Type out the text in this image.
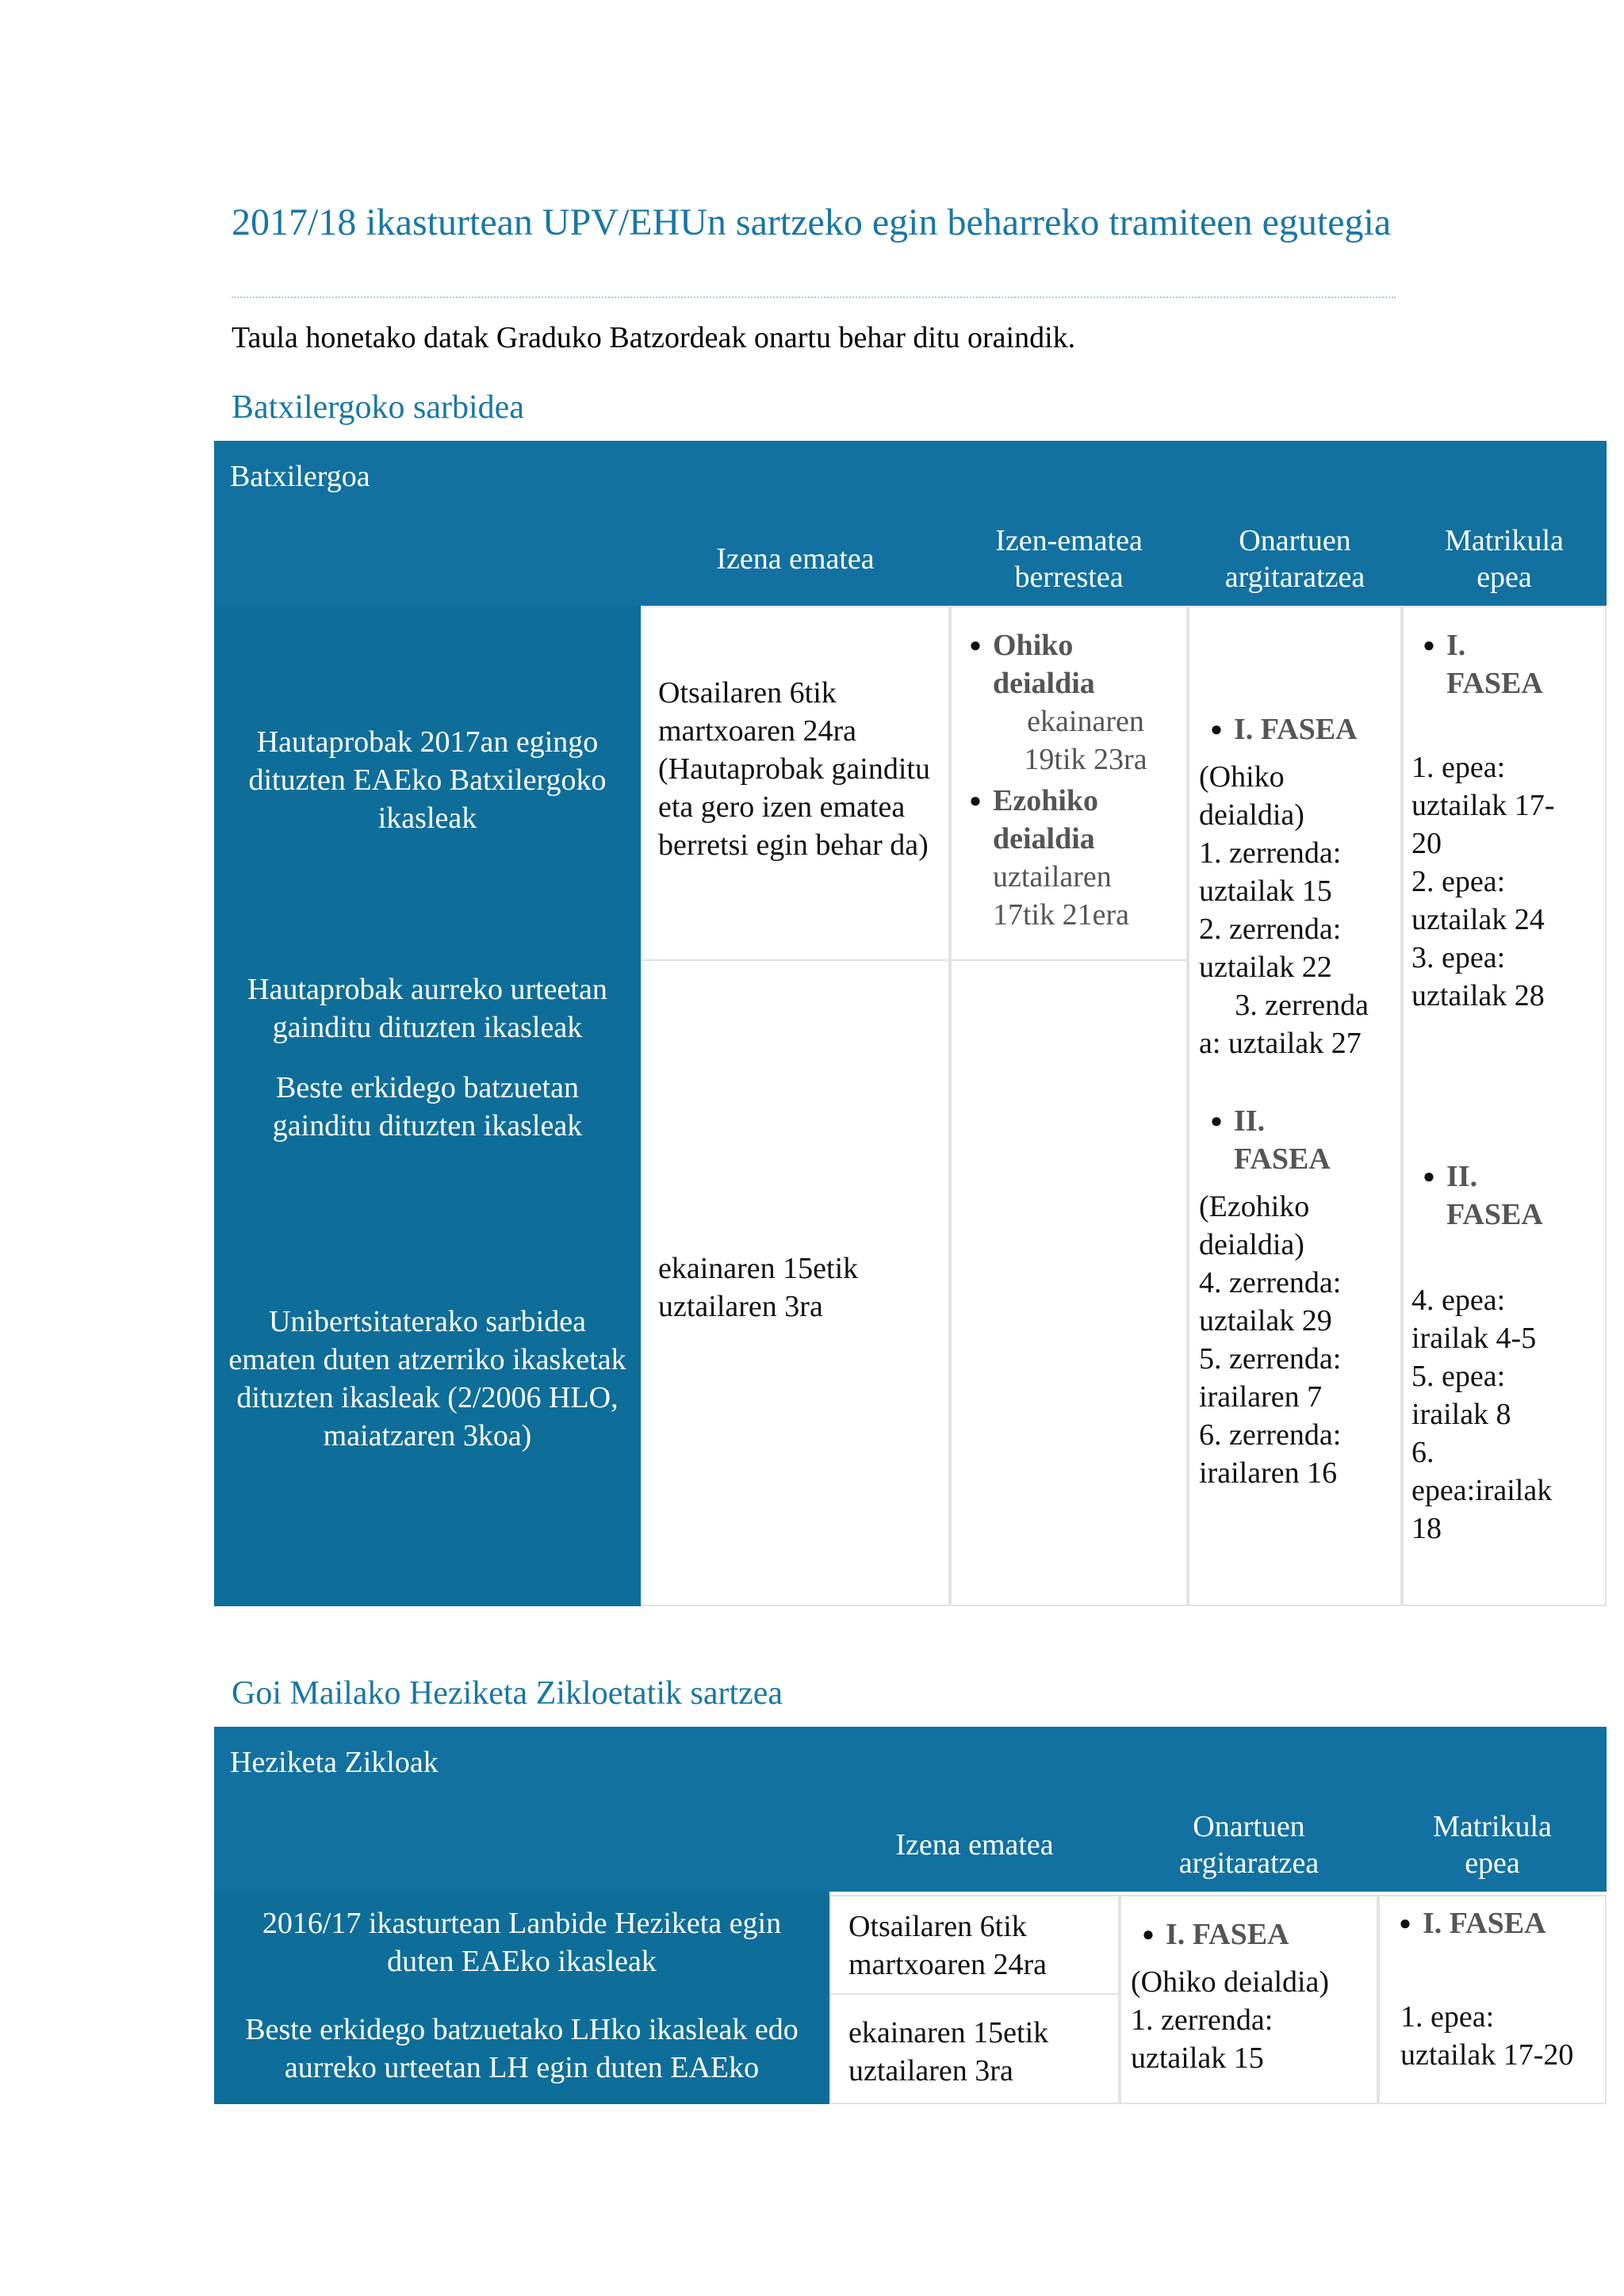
2017/18 ikasturtean UPV/EHUn sartzeko egin beharreko tramiteen egutegia
Taula honetako datak Graduko Batzordeak onartu behar ditu oraindik.
Batxilergoko sarbidea
Batxilergoa
Izena ematea
Izen-ematea
berrestea
Onartuen
argitaratzea
Matrikula
epea
Hautaprobak 2017an egingo dituzten EAEko Batxilergoko ikasleak
Hautaprobak aurreko urteetan gainditu dituzten ikasleak
Beste erkidego batzuetan gainditu dituzten ikasleak
Unibertsitaterako sarbidea ematen duten atzerriko ikasketak dituzten ikasleak (2/2006 HLO, maiatzaren 3koa)
Otsailaren 6tik martxoaren 24ra (Hautaprobak gainditu eta gero izen ematea berretsi egin behar da)
ekainaren 15etik uztailaren 3ra
● Ohiko deialdia
ekainaren 19tik 23ra
● Ezohiko deialdia
uztailaren 17tik 21era
● I. FASEA
(Ohiko deialdia)
1. zerrenda:
uztailak 15
2. zerrenda:
uztailak 22
3. zerrenda
a: uztailak 27
● II. FASEA
(Ezohiko deialdia)
4. zerrenda:
uztailak 29
5. zerrenda:
irailaren 7
6. zerrenda:
irailaren 16
● I. FASEA
1. epea:
uztailak 17-20
2. epea:
uztailak 24
3. epea:
uztailak 28
● II. FASEA
4. epea:
irailak 4-5
5. epea:
irailak 8
6. epea:irailak 18
Goi Mailako Heziketa Zikloetatik sartzea
Heziketa Zikloak
Izena ematea
Onartuen
argitaratzea
Matrikula
epea
2016/17 ikasturtean Lanbide Heziketa egin duten EAEko ikasleak
Beste erkidego batzuetako LHko ikasleak edo aurreko urteetan LH egin duten EAEko
Otsailaren 6tik martxoaren 24ra
ekainaren 15etik uztailaren 3ra
● I. FASEA
(Ohiko deialdia)
1. zerrenda:
uztailak 15
● I. FASEA
1. epea:
uztailak 17-20
